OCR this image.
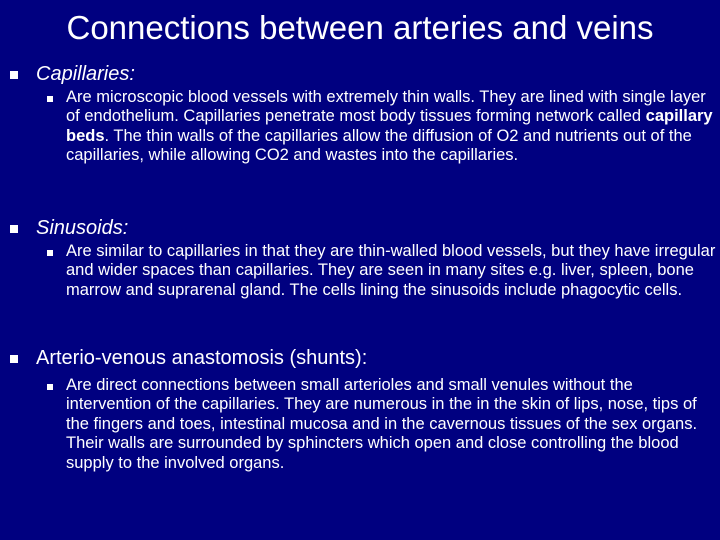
Connections between arteries and veins
Capillaries:
Are microscopic blood vessels with extremely thin walls. They are lined with single layer of endothelium. Capillaries penetrate most body tissues forming network called capillary beds. The thin walls of the capillaries allow the diffusion of O2 and nutrients out of the capillaries, while allowing CO2 and wastes into the capillaries.
Sinusoids:
Are similar to capillaries in that they are thin-walled blood vessels, but they have irregular and wider spaces than capillaries. They are seen in many sites e.g. liver, spleen, bone marrow and suprarenal gland. The cells lining the sinusoids include phagocytic cells.
Arterio-venous anastomosis (shunts):
Are direct connections between small arterioles and small venules without the intervention of the capillaries. They are numerous in the in the skin of lips, nose, tips of the fingers and toes, intestinal mucosa and in the cavernous tissues of the sex organs. Their walls are surrounded by sphincters which open and close controlling the blood supply to the involved organs.
